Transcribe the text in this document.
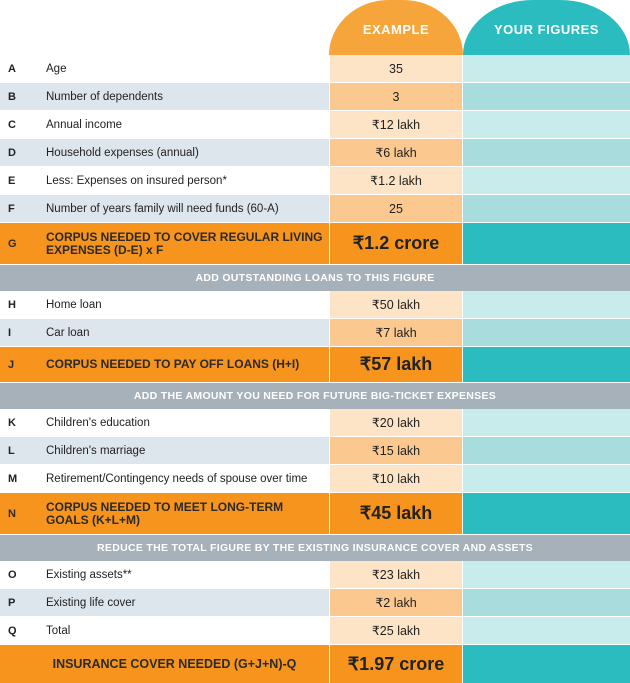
EXAMPLE	YOUR FIGURES
A	Age	35
B	Number of dependents	3
C	Annual income	₹12 lakh
D	Household expenses (annual)	₹6 lakh
E	Less: Expenses on insured person*	₹1.2 lakh
F	Number of years family will need funds (60-A)	25
G	CORPUS NEEDED TO COVER REGULAR LIVING EXPENSES (D-E) x F	₹1.2 crore
ADD OUTSTANDING LOANS TO THIS FIGURE
H	Home loan	₹50 lakh
I	Car loan	₹7 lakh
J	CORPUS NEEDED TO PAY OFF LOANS (H+I)	₹57 lakh
ADD THE AMOUNT YOU NEED FOR FUTURE BIG-TICKET EXPENSES
K	Children's education	₹20 lakh
L	Children's marriage	₹15 lakh
M	Retirement/Contingency needs of spouse over time	₹10 lakh
N	CORPUS NEEDED TO MEET LONG-TERM GOALS (K+L+M)	₹45 lakh
REDUCE THE TOTAL FIGURE BY THE EXISTING INSURANCE COVER AND ASSETS
O	Existing assets**	₹23 lakh
P	Existing life cover	₹2 lakh
Q	Total	₹25 lakh
INSURANCE COVER NEEDED (G+J+N)-Q	₹1.97 crore
